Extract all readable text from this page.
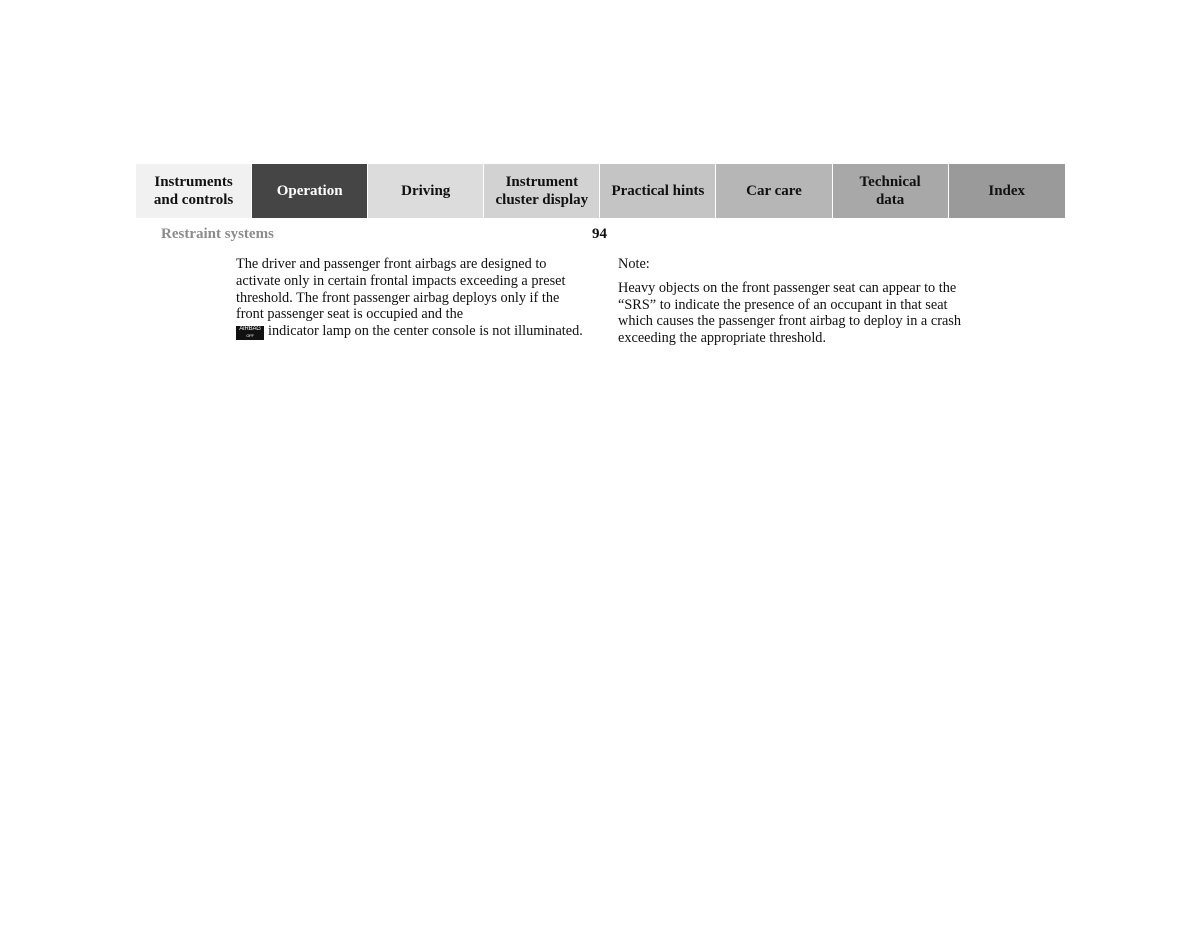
Instruments
and controls
Operation	Driving
Instrument
cluster display
Practical hints	Car care
Technical
data
Index
Restraint systems	94

The driver and passenger front airbags are designed to activate only in certain frontal impacts exceeding a preset threshold. The front passenger airbag deploys only if the front passenger seat is occupied and the
AIRBAG
OFF indicator lamp on the center console is not illuminated.

Note:

Heavy objects on the front passenger seat can appear to the “SRS” to indicate the presence of an occupant in that seat which causes the passenger front airbag to deploy in a crash exceeding the appropriate threshold.
